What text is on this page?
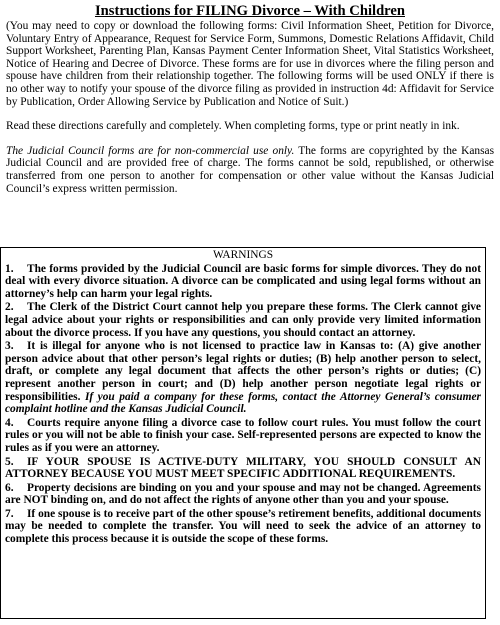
Instructions for FILING Divorce – With Children

(You may need to copy or download the following forms: Civil Information Sheet, Petition for Divorce, Voluntary Entry of Appearance, Request for Service Form, Summons, Domestic Relations Affidavit, Child Support Worksheet, Parenting Plan, Kansas Payment Center Information Sheet, Vital Statistics Worksheet, Notice of Hearing and Decree of Divorce. These forms are for use in divorces where the filing person and spouse have children from their relationship together. The following forms will be used ONLY if there is no other way to notify your spouse of the divorce filing as provided in instruction 4d: Affidavit for Service by Publication, Order Allowing Service by Publication and Notice of Suit.)

Read these directions carefully and completely. When completing forms, type or print neatly in ink.

The Judicial Council forms are for non-commercial use only. The forms are copyrighted by the Kansas Judicial Council and are provided free of charge. The forms cannot be sold, republished, or otherwise transferred from one person to another for compensation or other value without the Kansas Judicial Council’s express written permission.

WARNINGS

1. The forms provided by the Judicial Council are basic forms for simple divorces. They do not deal with every divorce situation. A divorce can be complicated and using legal forms without an attorney’s help can harm your legal rights.

2. The Clerk of the District Court cannot help you prepare these forms. The Clerk cannot give legal advice about your rights or responsibilities and can only provide very limited information about the divorce process. If you have any questions, you should contact an attorney.

3. It is illegal for anyone who is not licensed to practice law in Kansas to: (A) give another person advice about that other person’s legal rights or duties; (B) help another person to select, draft, or complete any legal document that affects the other person’s rights or duties; (C) represent another person in court; and (D) help another person negotiate legal rights or responsibilities. If you paid a company for these forms, contact the Attorney General’s consumer complaint hotline and the Kansas Judicial Council.

4. Courts require anyone filing a divorce case to follow court rules. You must follow the court rules or you will not be able to finish your case. Self-represented persons are expected to know the rules as if you were an attorney.

5. IF YOUR SPOUSE IS ACTIVE-DUTY MILITARY, YOU SHOULD CONSULT AN ATTORNEY BECAUSE YOU MUST MEET SPECIFIC ADDITIONAL REQUIREMENTS.

6. Property decisions are binding on you and your spouse and may not be changed. Agreements are NOT binding on, and do not affect the rights of anyone other than you and your spouse.

7. If one spouse is to receive part of the other spouse’s retirement benefits, additional documents may be needed to complete the transfer. You will need to seek the advice of an attorney to complete this process because it is outside the scope of these forms.
